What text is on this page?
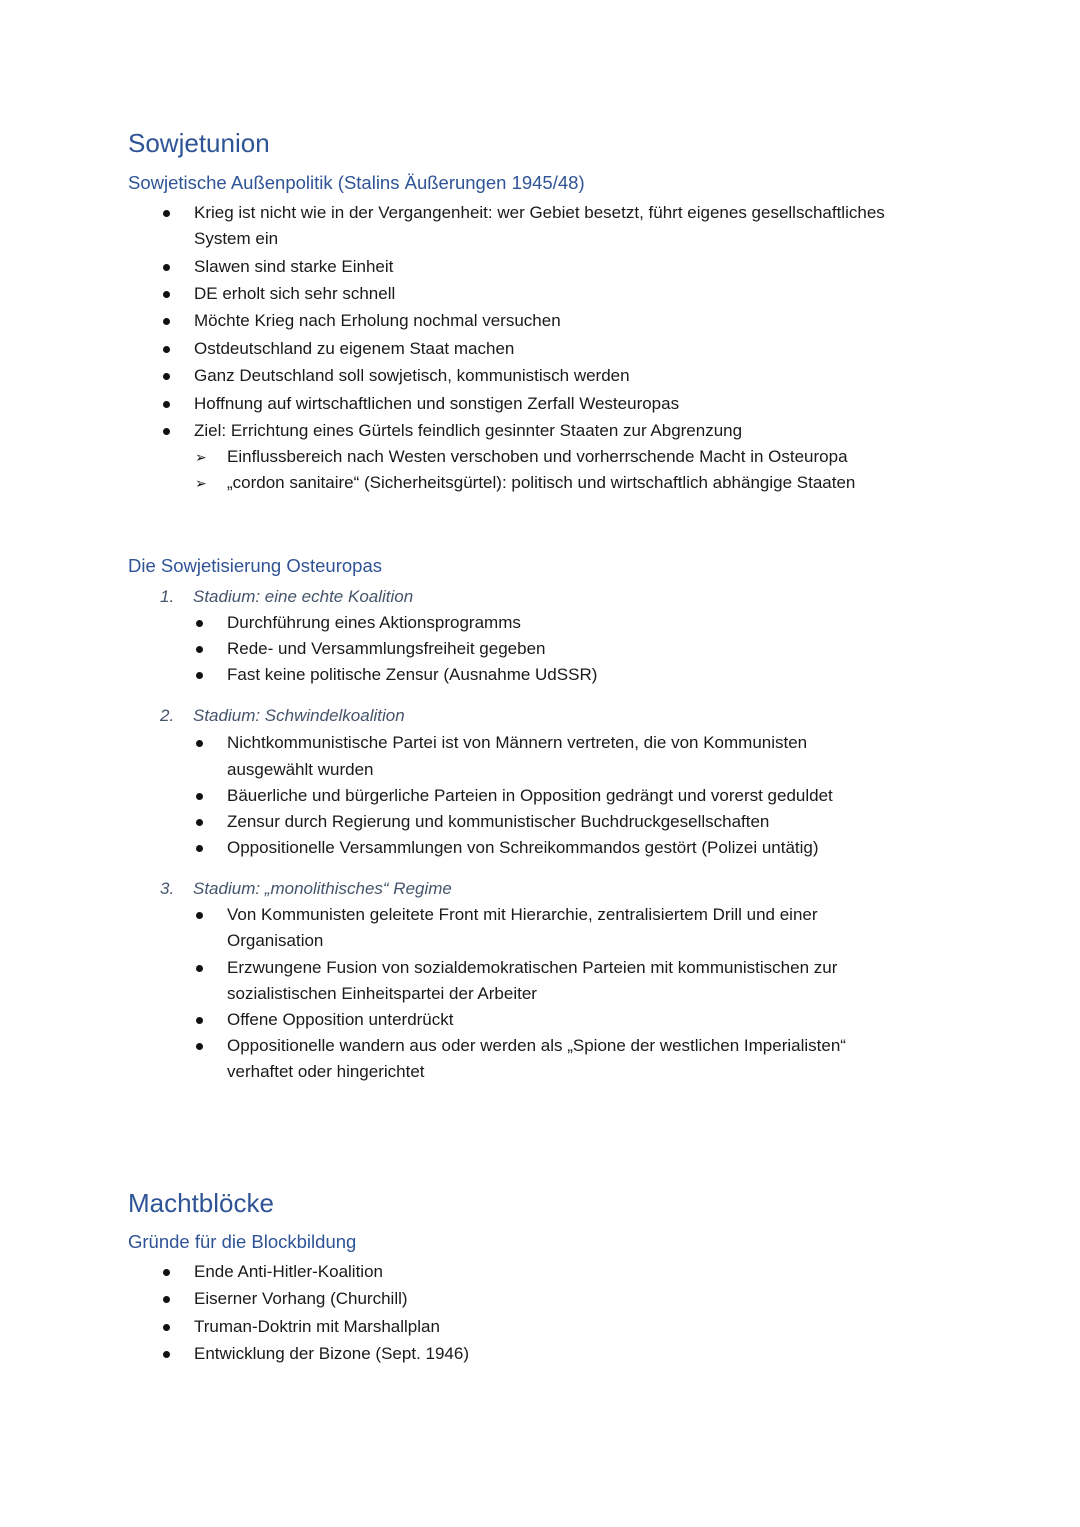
Sowjetunion
Sowjetische Außenpolitik (Stalins Äußerungen 1945/48)
Krieg ist nicht wie in der Vergangenheit: wer Gebiet besetzt, führt eigenes gesellschaftliches
System ein
Slawen sind starke Einheit
DE erholt sich sehr schnell
Möchte Krieg nach Erholung nochmal versuchen
Ostdeutschland zu eigenem Staat machen
Ganz Deutschland soll sowjetisch, kommunistisch werden
Hoffnung auf wirtschaftlichen und sonstigen Zerfall Westeuropas
Ziel: Errichtung eines Gürtels feindlich gesinnter Staaten zur Abgrenzung
➢ Einflussbereich nach Westen verschoben und vorherrschende Macht in Osteuropa
➢ „cordon sanitaire“ (Sicherheitsgürtel): politisch und wirtschaftlich abhängige Staaten
Die Sowjetisierung Osteuropas
1. Stadium: eine echte Koalition
Durchführung eines Aktionsprogramms
Rede- und Versammlungsfreiheit gegeben
Fast keine politische Zensur (Ausnahme UdSSR)
2. Stadium: Schwindelkoalition
Nichtkommunistische Partei ist von Männern vertreten, die von Kommunisten
ausgewählt wurden
Bäuerliche und bürgerliche Parteien in Opposition gedrängt und vorerst geduldet
Zensur durch Regierung und kommunistischer Buchdruckgesellschaften
Oppositionelle Versammlungen von Schreikommandos gestört (Polizei untätig)
3. Stadium: „monolithisches“ Regime
Von Kommunisten geleitete Front mit Hierarchie, zentralisiertem Drill und einer
Organisation
Erzwungene Fusion von sozialdemokratischen Parteien mit kommunistischen zur
sozialistischen Einheitspartei der Arbeiter
Offene Opposition unterdrückt
Oppositionelle wandern aus oder werden als „Spione der westlichen Imperialisten“
verhaftet oder hingerichtet
Machtblöcke
Gründe für die Blockbildung
Ende Anti-Hitler-Koalition
Eiserner Vorhang (Churchill)
Truman-Doktrin mit Marshallplan
Entwicklung der Bizone (Sept. 1946)
